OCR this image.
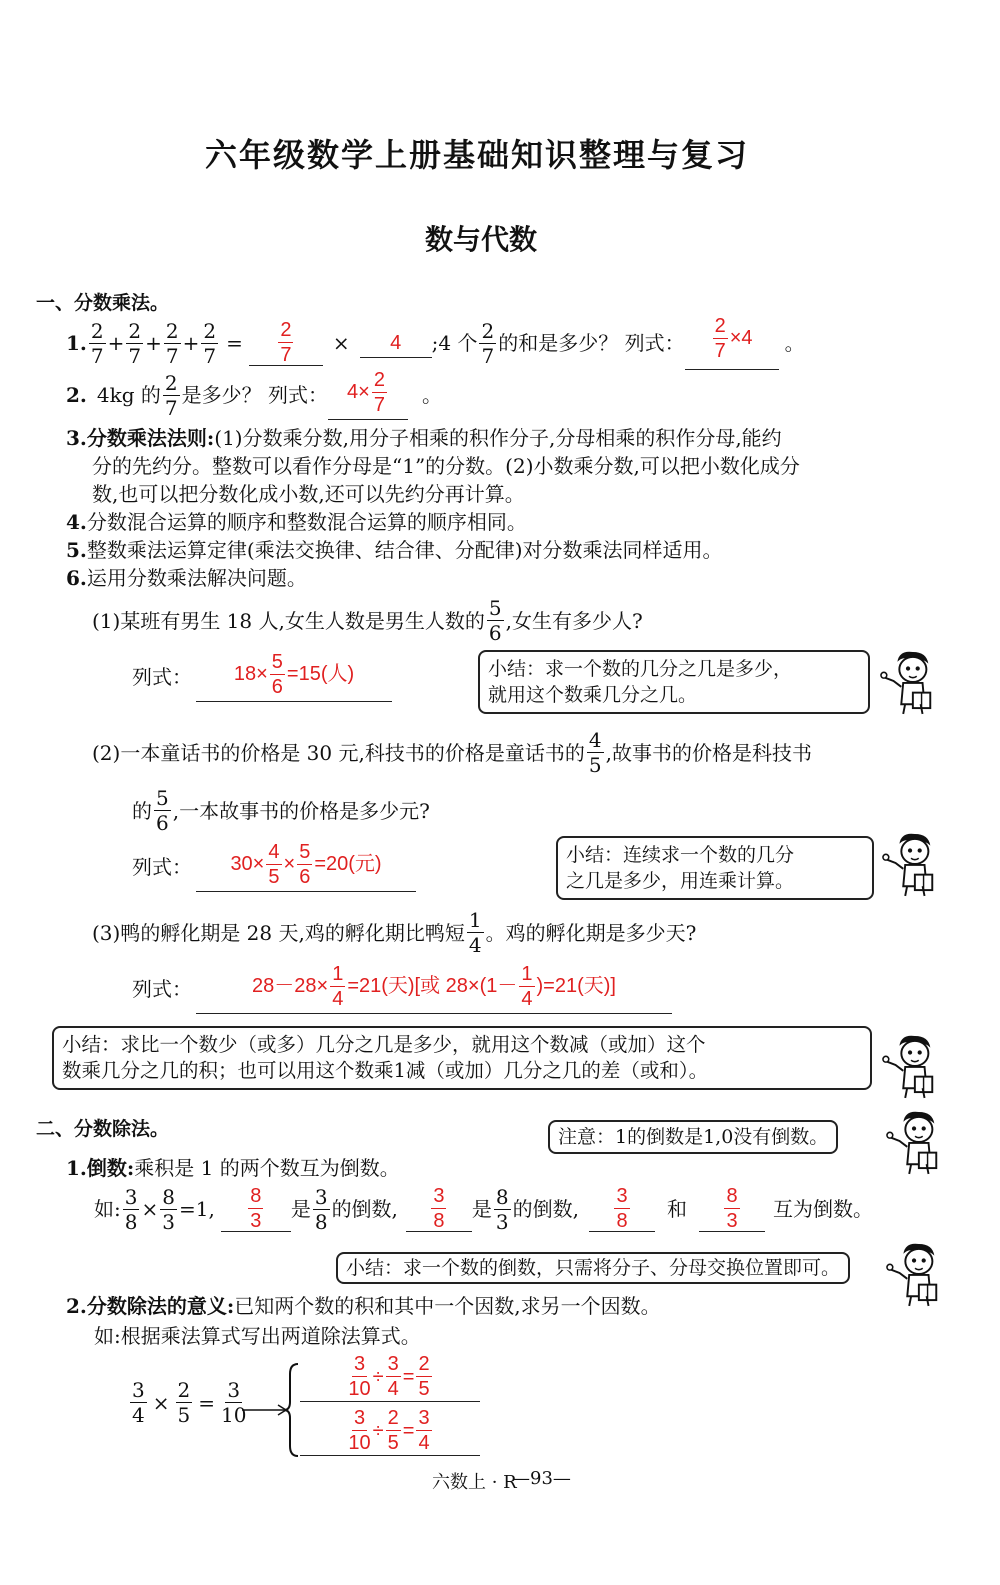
六年级数学上册基础知识整理与复习
数与代数
一、分数乘法。
1. $\frac{2}{7} + \frac{2}{7} + \frac{2}{7} + \frac{2}{7} = \frac{2}{7}$ ×	4	;4 个 $\frac{2}{7}$ 的和是多少？ 列式： $\frac{2}{7} \times 4$	。
2. 4kg 的 $\frac{2}{7}$ 是多少？ 列式： $4\times \frac{2}{7}$ 。
3.分数乘法法则:(1)分数乘分数,用分子相乘的积作分子,分母相乘的积作分母,能约
分的先约分。整数可以看作分母是“1”的分数。(2)小数乘分数,可以把小数化成分
数,也可以把分数化成小数,还可以先约分再计算。
4.分数混合运算的顺序和整数混合运算的顺序相同。
5.整数乘法运算定律(乘法交换律、结合律、分配律)对分数乘法同样适用。
6.运用分数乘法解决问题。
(1)某班有男生 18 人,女生人数是男生人数的 $\frac{5}{6}$ ,女生有多少人?
列式：	$18\times \frac{5}{6} =15$(人)	小结：求一个数的几分之几是多少，
就用这个数乘几分之几。
(2)一本童话书的价格是 30 元,科技书的价格是童话书的 $\frac{4}{5}$ ,故事书的价格是科技书
的 $\frac{5}{6}$ ,一本故事书的价格是多少元?
列式：	$30\times \frac{4}{5} \times \frac{5}{6} =20$(元)	小结：连续求一个数的几分
之几是多少，用连乘计算。
(3)鸭的孵化期是 28 天,鸡的孵化期比鸭短 $\frac{1}{4}$ 。鸡的孵化期是多少天?
列式：	$28-28\times \frac{1}{4} =21$(天)[或 $28\times(1- \frac{1}{4} )=21$(天)]
小结：求比一个数少（或多）几分之几是多少，就用这个数减（或加）这个
数乘几分之几的积；也可以用这个数乘1减（或加）几分之几的差（或和）。
二、分数除法。	注意：1的倒数是1,0没有倒数。
1.倒数:乘积是 1 的两个数互为倒数。
如: $\frac{3}{8} \times \frac{8}{3} =1$, $\frac{8}{3}$ 是 $\frac{3}{8}$ 的倒数, $\frac{3}{8}$ 是 $\frac{8}{3}$ 的倒数, $\frac{3}{8}$ 和 $\frac{8}{3}$ 互为倒数。
小结：求一个数的倒数，只需将分子、分母交换位置即可。
2.分数除法的意义:已知两个数的积和其中一个因数,求另一个因数。
如:根据乘法算式写出两道除法算式。
$\frac{3}{4} \times \frac{2}{5} = \frac{3}{10}$
$\frac{3}{10} \div \frac{3}{4} = \frac{2}{5}$
$\frac{3}{10} \div \frac{2}{5} = \frac{3}{4}$
六数上 · R
—93—
